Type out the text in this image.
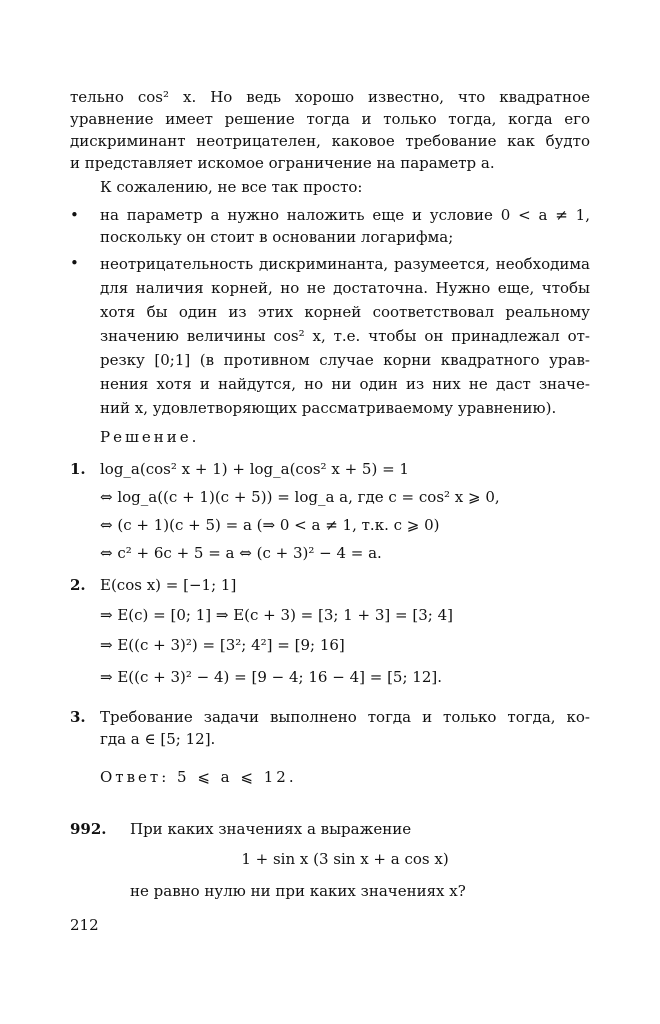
тельно cos² x. Но ведь хорошо известно, что квадратное
уравнение имеет решение тогда и только тогда, когда его
дискриминант неотрицателен, каковое требование как будто
и представляет искомое ограничение на параметр a.
К сожалению, не все так просто:
•	на параметр a нужно наложить еще и условие 0 < a ≠ 1,
поскольку он стоит в основании логарифма;
•	неотрицательность дискриминанта, разумеется, необходима
для наличия корней, но не достаточна. Нужно еще, чтобы
хотя бы один из этих корней соответствовал реальному
значению величины cos² x, т.е. чтобы он принадлежал от-
резку [0;1] (в противном случае корни квадратного урав-
нения хотя и найдутся, но ни один из них не даст значе-
ний x, удовлетворяющих рассматриваемому уравнению).
Решение.
1. log_a(cos² x + 1) + log_a(cos² x + 5) = 1
⇔ log_a((c + 1)(c + 5)) = log_a a, где c = cos² x ⩾ 0,
⇔ (c + 1)(c + 5) = a (⇒ 0 < a ≠ 1, т.к. c ⩾ 0)
⇔ c² + 6c + 5 = a ⇔ (c + 3)² − 4 = a.
2. E(cos x) = [−1; 1]
⇒ E(c) = [0; 1] ⇒ E(c + 3) = [3; 1 + 3] = [3; 4]
⇒ E((c + 3)²) = [3²; 4²] = [9; 16]
⇒ E((c + 3)² − 4) = [9 − 4; 16 − 4] = [5; 12].
3. Требование задачи выполнено тогда и только тогда, ко-
гда a ∈ [5; 12].
Ответ: 5 ⩽ a ⩽ 12.
992. При каких значениях a выражение
1 + sin x (3 sin x + a cos x)
не равно нулю ни при каких значениях x?
212
